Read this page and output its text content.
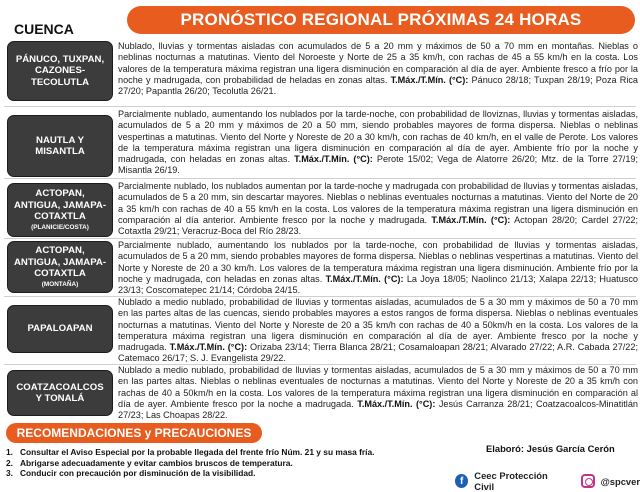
PRONÓSTICO REGIONAL PRÓXIMAS 24 HORAS
CUENCA
PÁNUCO, TUXPAN,
CAZONES-
TECOLUTLA
Nublado, lluvias y tormentas aisladas con acumulados de 5 a 20 mm y máximos de 50 a 70 mm en montañas. Nieblas o neblinas nocturnas a matutinas. Viento del Noroeste y Norte de 25 a 35 km/h, con rachas de 45 a 55 km/h en la costa. Los valores de la temperatura máxima registran una ligera disminución en comparación al día de ayer. Ambiente fresco a frío por la noche y madrugada, con probabilidad de heladas en zonas altas. T.Máx./T.Mín. (°C): Pánuco 28/18; Tuxpan 28/19; Poza Rica 27/20; Papantla 26/20; Tecolutla 26/21.
NAUTLA Y
MISANTLA
Parcialmente nublado, aumentando los nublados por la tarde-noche, con probabilidad de lloviznas, lluvias y tormentas aisladas, acumulados de 5 a 20 mm y máximos de 20 a 50 mm, siendo probables mayores de forma dispersa. Nieblas o neblinas vespertinas a matutinas. Viento del Norte y Noreste de 20 a 30 km/h, con rachas de 40 km/h, en el valle de Perote. Los valores de la temperatura máxima registran una ligera disminución en comparación al día de ayer. Ambiente frío por la noche y madrugada, con heladas en zonas altas. T.Máx./T.Mín. (°C): Perote 15/02; Vega de Alatorre 26/20; Mtz. de la Torre 27/19; Misantla 26/19.
ACTOPAN,
ANTIGUA, JAMAPA-
COTAXTLA
(PLANICIE/COSTA)
Parcialmente nublado, los nublados aumentan por la tarde-noche y madrugada con probabilidad de lluvias y tormentas aisladas, acumulados de 5 a 20 mm, sin descartar mayores. Nieblas o neblinas eventuales nocturnas a matutinas. Viento del Norte de 20 a 35 km/h con rachas de 40 a 55 km/h en la costa. Los valores de la temperatura máxima registran una ligera disminución en comparación al día anterior. Ambiente fresco por la noche y madrugada. T.Máx./T.Mín. (°C): Actopan 28/20; Cardel 27/22; Cotaxtla 29/21; Veracruz-Boca del Río 28/23.
ACTOPAN,
ANTIGUA, JAMAPA-
COTAXTLA
(MONTAÑA)
Parcialmente nublado, aumentando los nublados por la tarde-noche, con probabilidad de lluvias y tormentas aisladas, acumulados de 5 a 20 mm, siendo probables mayores de forma dispersa. Nieblas o neblinas vespertinas a matutinas. Viento del Norte y Noreste de 20 a 30 km/h. Los valores de la temperatura máxima registran una ligera disminución. Ambiente frío por la noche y madrugada, con heladas en zonas altas. T.Máx./T.Mín. (°C): La Joya 18/05; Naolinco 21/13; Xalapa 22/13; Huatusco 23/13; Coscomatepec 21/14; Córdoba 24/15.
PAPALOAPAN
Nublado a medio nublado, probabilidad de lluvias y tormentas aisladas, acumulados de 5 a 30 mm y máximos de 50 a 70 mm en las partes altas de las cuencas, siendo probables mayores a estos rangos de forma dispersa. Nieblas o neblinas eventuales nocturnas a matutinas. Viento del Norte y Noreste de 20 a 35 km/h con rachas de 40 a 50km/h en la costa. Los valores de la temperatura máxima registran una ligera disminución en comparación al día de ayer. Ambiente fresco por la noche y madrugada. T.Máx./T.Mín. (°C): Orizaba 23/14; Tierra Blanca 28/21; Cosamaloapan 28/21; Alvarado 27/22; A.R. Cabada 27/22; Catemaco 26/17; S. J. Evangelista 29/22.
COATZACOALCOS
Y TONALÁ
Nublado a medio nublado, probabilidad de lluvias y tormentas aisladas, acumulados de 5 a 30 mm y máximos de 50 a 70 mm en las partes altas. Nieblas o neblinas eventuales de nocturnas a matutinas. Viento del Norte y Noreste de 20 a 35 km/h con rachas de 40 a 50km/h en la costa. Los valores de la temperatura máxima registran una ligera disminución en comparación al día de ayer. Ambiente fresco por la noche a madrugada. T.Máx./T.Mín. (°C): Jesús Carranza 28/21; Coatzacoalcos-Minatitlán 27/23; Las Choapas 28/22.
RECOMENDACIONES y PRECAUCIONES
1. Consultar el Aviso Especial por la probable llegada del frente frío Núm. 21 y su masa fría.
2. Abrigarse adecuadamente y evitar cambios bruscos de temperatura.
3. Conducir con precaución por disminución de la visibilidad.
Elaboró: Jesús García Cerón
f	Ceec Protección Civil	@spcver
